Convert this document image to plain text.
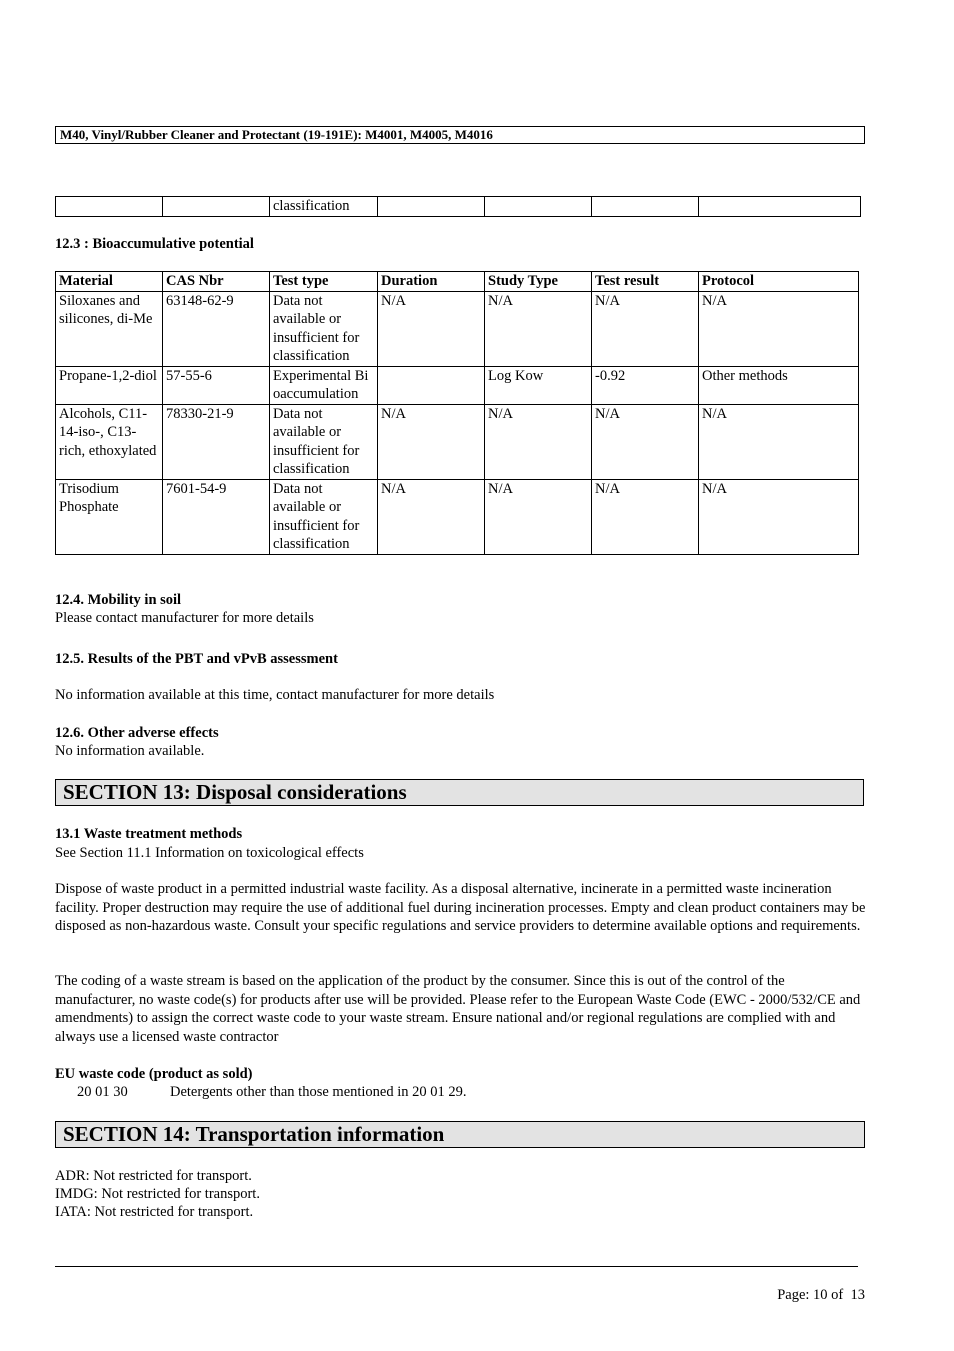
M40, Vinyl/Rubber Cleaner and Protectant (19-191E): M4001, M4005, M4016
		classification				
12.3 : Bioaccumulative potential
Material	CAS Nbr	Test type	Duration	Study Type	Test result	Protocol
Siloxanes and silicones, di-Me	63148-62-9	Data not available or insufficient for classification	N/A	N/A	N/A	N/A
Propane-1,2-diol	57-55-6	Experimental Bioaccumulation		Log Kow	-0.92	Other methods
Alcohols, C11-14-iso-, C13-rich, ethoxylated	78330-21-9	Data not available or insufficient for classification	N/A	N/A	N/A	N/A
Trisodium Phosphate	7601-54-9	Data not available or insufficient for classification	N/A	N/A	N/A	N/A
12.4. Mobility in soil
Please contact manufacturer for more details
12.5. Results of the PBT and vPvB assessment
No information available at this time, contact manufacturer for more details
12.6. Other adverse effects
No information available.
SECTION 13: Disposal considerations
13.1 Waste treatment methods
See Section 11.1 Information on toxicological effects
Dispose of waste product in a permitted industrial waste facility. As a disposal alternative, incinerate in a permitted waste incineration facility. Proper destruction may require the use of additional fuel during incineration processes. Empty and clean product containers may be disposed as non-hazardous waste. Consult your specific regulations and service providers to determine available options and requirements.
The coding of a waste stream is based on the application of the product by the consumer. Since this is out of the control of the manufacturer, no waste code(s) for products after use will be provided. Please refer to the European Waste Code (EWC - 2000/532/CE and amendments) to assign the correct waste code to your waste stream. Ensure national and/or regional regulations are complied with and always use a licensed waste contractor
EU waste code (product as sold)
20 01 30	Detergents other than those mentioned in 20 01 29.
SECTION 14: Transportation information
ADR: Not restricted for transport.
IMDG: Not restricted for transport.
IATA: Not restricted for transport.
Page: 10 of  13
